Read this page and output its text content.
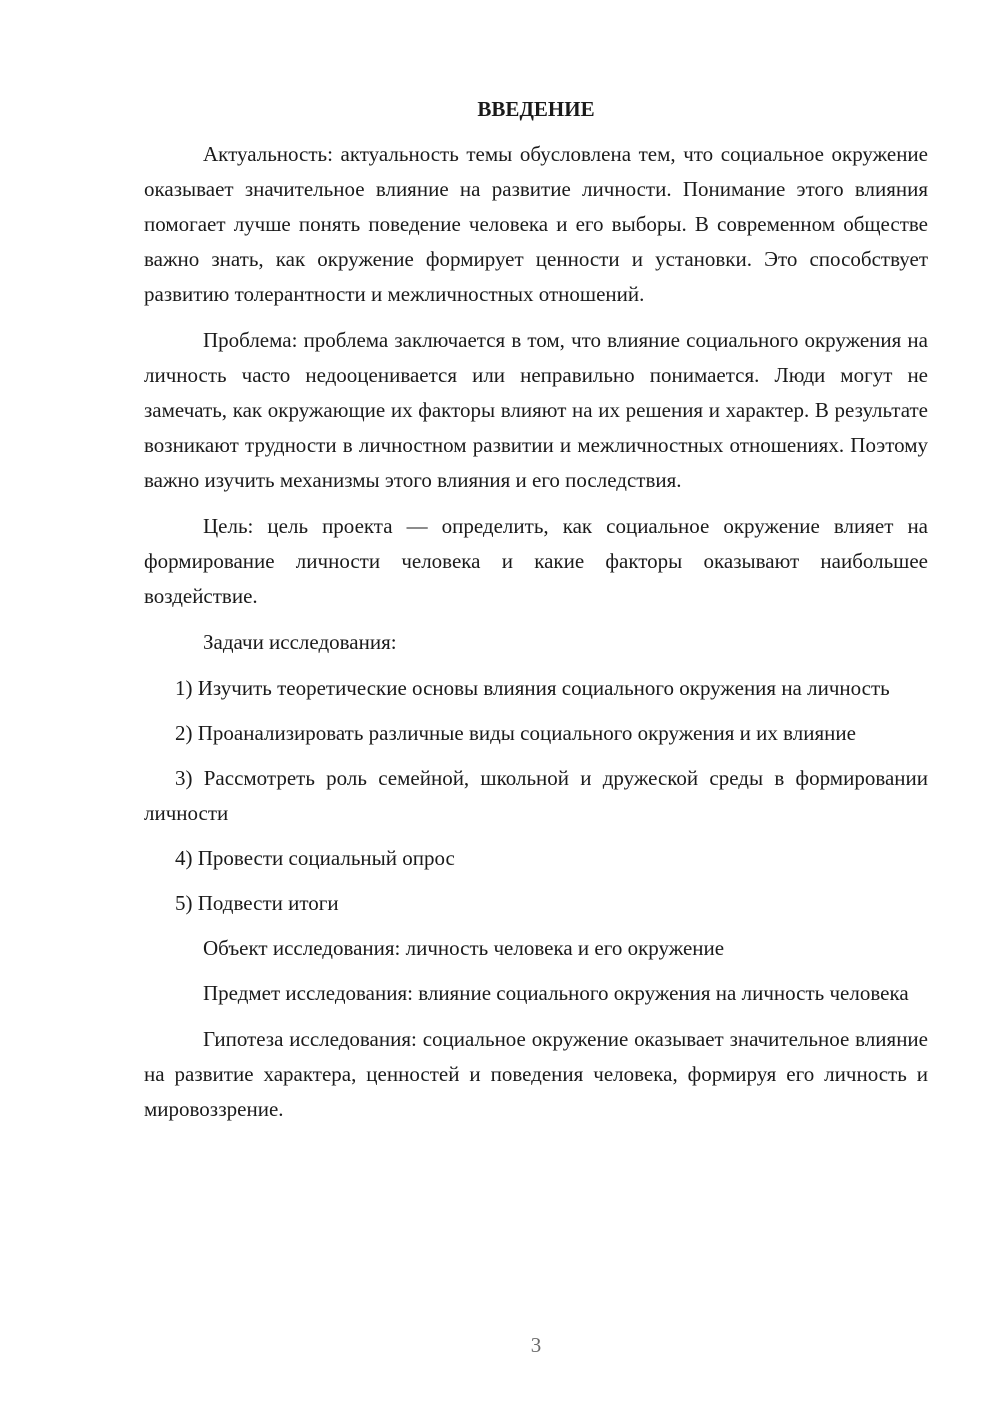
ВВЕДЕНИЕ

Актуальность: актуальность темы обусловлена тем, что социальное окружение оказывает значительное влияние на развитие личности. Понимание этого влияния помогает лучше понять поведение человека и его выборы. В современном обществе важно знать, как окружение формирует ценности и установки. Это способствует развитию толерантности и межличностных отношений.

Проблема: проблема заключается в том, что влияние социального окружения на личность часто недооценивается или неправильно понимается. Люди могут не замечать, как окружающие их факторы влияют на их решения и характер. В результате возникают трудности в личностном развитии и межличностных отношениях. Поэтому важно изучить механизмы этого влияния и его последствия.

Цель: цель проекта — определить, как социальное окружение влияет на формирование личности человека и какие факторы оказывают наибольшее воздействие.

Задачи исследования:

1) Изучить теоретические основы влияния социального окружения на личность

2) Проанализировать различные виды социального окружения и их влияние

3) Рассмотреть роль семейной, школьной и дружеской среды в формировании личности

4) Провести социальный опрос

5) Подвести итоги

Объект исследования: личность человека и его окружение

Предмет исследования: влияние социального окружения на личность человека

Гипотеза исследования: социальное окружение оказывает значительное влияние на развитие характера, ценностей и поведения человека, формируя его личность и мировоззрение.

3
